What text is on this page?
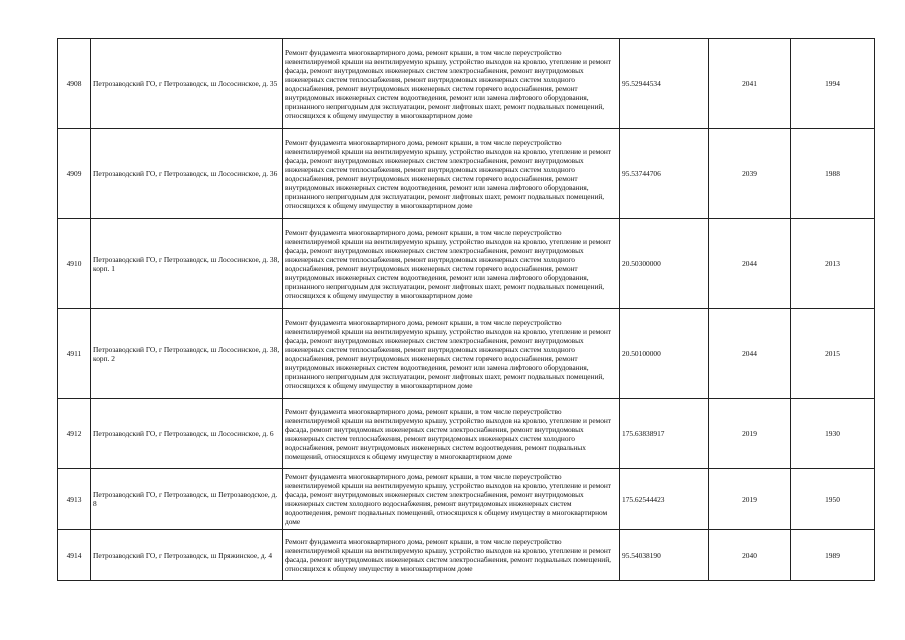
4908	Петрозаводский ГО, г Петрозаводск, ш Лососинское, д. 35	Ремонт фундамента многоквартирного дома, ремонт крыши, в том числе переустройство невентилируемой крыши на вентилируемую крышу, устройство выходов на кровлю, утепление и ремонт фасада, ремонт внутридомовых инженерных систем электроснабжения, ремонт внутридомовых инженерных систем теплоснабжения, ремонт внутридомовых инженерных систем холодного водоснабжения, ремонт внутридомовых инженерных систем горячего водоснабжения, ремонт внутридомовых инженерных систем водоотведения, ремонт или замена лифтового оборудования, признанного непригодным для эксплуатации, ремонт лифтовых шахт, ремонт подвальных помещений, относящихся к общему имуществу в многоквартирном доме	95.52944534	2041	1994
4909	Петрозаводский ГО, г Петрозаводск, ш Лососинское, д. 36	Ремонт фундамента многоквартирного дома, ремонт крыши, в том числе переустройство невентилируемой крыши на вентилируемую крышу, устройство выходов на кровлю, утепление и ремонт фасада, ремонт внутридомовых инженерных систем электроснабжения, ремонт внутридомовых инженерных систем теплоснабжения, ремонт внутридомовых инженерных систем холодного водоснабжения, ремонт внутридомовых инженерных систем горячего водоснабжения, ремонт внутридомовых инженерных систем водоотведения, ремонт или замена лифтового оборудования, признанного непригодным для эксплуатации, ремонт лифтовых шахт, ремонт подвальных помещений, относящихся к общему имуществу в многоквартирном доме	95.53744706	2039	1988
4910	Петрозаводский ГО, г Петрозаводск, ш Лососинское, д. 38, корп. 1	Ремонт фундамента многоквартирного дома, ремонт крыши, в том числе переустройство невентилируемой крыши на вентилируемую крышу, устройство выходов на кровлю, утепление и ремонт фасада, ремонт внутридомовых инженерных систем электроснабжения, ремонт внутридомовых инженерных систем теплоснабжения, ремонт внутридомовых инженерных систем холодного водоснабжения, ремонт внутридомовых инженерных систем горячего водоснабжения, ремонт внутридомовых инженерных систем водоотведения, ремонт или замена лифтового оборудования, признанного непригодным для эксплуатации, ремонт лифтовых шахт, ремонт подвальных помещений, относящихся к общему имуществу в многоквартирном доме	20.50300000	2044	2013
4911	Петрозаводский ГО, г Петрозаводск, ш Лососинское, д. 38, корп. 2	Ремонт фундамента многоквартирного дома, ремонт крыши, в том числе переустройство невентилируемой крыши на вентилируемую крышу, устройство выходов на кровлю, утепление и ремонт фасада, ремонт внутридомовых инженерных систем электроснабжения, ремонт внутридомовых инженерных систем теплоснабжения, ремонт внутридомовых инженерных систем холодного водоснабжения, ремонт внутридомовых инженерных систем горячего водоснабжения, ремонт внутридомовых инженерных систем водоотведения, ремонт или замена лифтового оборудования, признанного непригодным для эксплуатации, ремонт лифтовых шахт, ремонт подвальных помещений, относящихся к общему имуществу в многоквартирном доме	20.50100000	2044	2015
4912	Петрозаводский ГО, г Петрозаводск, ш Лососинское, д. 6	Ремонт фундамента многоквартирного дома, ремонт крыши, в том числе переустройство невентилируемой крыши на вентилируемую крышу, устройство выходов на кровлю, утепление и ремонт фасада, ремонт внутридомовых инженерных систем электроснабжения, ремонт внутридомовых инженерных систем теплоснабжения, ремонт внутридомовых инженерных систем холодного водоснабжения, ремонт внутридомовых инженерных систем водоотведения, ремонт подвальных помещений, относящихся к общему имуществу в многоквартирном доме	175.63838917	2019	1930
4913	Петрозаводский ГО, г Петрозаводск, ш Петрозаводское, д. 8	Ремонт фундамента многоквартирного дома, ремонт крыши, в том числе переустройство невентилируемой крыши на вентилируемую крышу, устройство выходов на кровлю, утепление и ремонт фасада, ремонт внутридомовых инженерных систем электроснабжения, ремонт внутридомовых инженерных систем холодного водоснабжения, ремонт внутридомовых инженерных систем водоотведения, ремонт подвальных помещений, относящихся к общему имуществу в многоквартирном доме	175.62544423	2019	1950
4914	Петрозаводский ГО, г Петрозаводск, ш Пряжинское, д. 4	Ремонт фундамента многоквартирного дома, ремонт крыши, в том числе переустройство невентилируемой крыши на вентилируемую крышу, устройство выходов на кровлю, утепление и ремонт фасада, ремонт внутридомовых инженерных систем электроснабжения, ремонт подвальных помещений, относящихся к общему имуществу в многоквартирном доме	95.54038190	2040	1989
